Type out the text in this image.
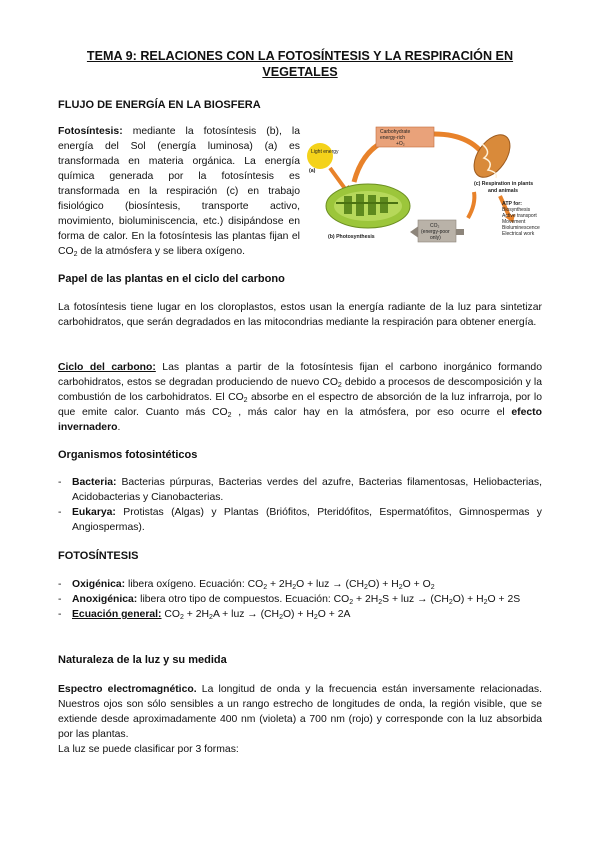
TEMA 9: RELACIONES CON LA FOTOSÍNTESIS Y LA RESPIRACIÓN EN VEGETALES
FLUJO DE ENERGÍA EN LA BIOSFERA

Fotosíntesis: mediante la fotosíntesis (b), la energía del Sol (energía luminosa) (a) es transformada en materia orgánica. La energía química generada por la fotosíntesis es transformada en la respiración (c) en trabajo fisiológico (biosíntesis, transporte activo, movimiento, bioluminiscencia, etc.) disipándose en forma de calor. En la fotosíntesis las plantas fijan el $CO_2$ de la atmósfera y se libera oxígeno.

Light energy
(a)
Carbohydrate
energy-rich
+O₂
(b) Photosynthesis
(c) Respiration in plants
and animals
ATP for:
Biosynthesis
Active transport
Movement
Bioluminescence
Electrical work
CO₂
(energy-poor
only)
Papel de las plantas en el ciclo del carbono

La fotosíntesis tiene lugar en los cloroplastos, estos usan la energía radiante de la luz para sintetizar carbohidratos, que serán degradados en las mitocondrias mediante la respiración para obtener energía.

Ciclo del carbono: Las plantas a partir de la fotosíntesis fijan el carbono inorgánico formando carbohidratos, estos se degradan produciendo de nuevo $CO_2$ debido a procesos de descomposición y la combustión de los carbohidratos. El $CO_2$ absorbe en el espectro de absorción de la luz infrarroja, por lo que emite calor. Cuanto más $CO_2$ , más calor hay en la atmósfera, por eso ocurre el efecto invernadero.

Organismos fotosintéticos
- Bacteria: Bacterias púrpuras, Bacterias verdes del azufre, Bacterias filamentosas, Heliobacterias, Acidobacterias y Cianobacterias.
- Eukarya: Protistas (Algas) y Plantas (Briófitos, Pteridófitos, Espermatófitos, Gimnospermas y Angiospermas).
FOTOSÍNTESIS
- Oxigénica: libera oxígeno. Ecuación: $CO_2 + 2H_2O$ + luz → $(CH_2O) + H_2O + O_2$
- Anoxigénica: libera otro tipo de compuestos. Ecuación: $CO_2 + 2H_2S$ + luz → $(CH_2O) + H_2O + 2S$
- Ecuación general: $CO_2 + 2H_2A$ + luz → $(CH_2O) + H_2O + 2A$
Naturaleza de la luz y su medida

Espectro electromagnético. La longitud de onda y la frecuencia están inversamente relacionadas. Nuestros ojos son sólo sensibles a un rango estrecho de longitudes de onda, la región visible, que se extiende desde aproximadamente 400 nm (violeta) a 700 nm (rojo) y corresponde con la luz absorbida por las plantas.

La luz se puede clasificar por 3 formas:
